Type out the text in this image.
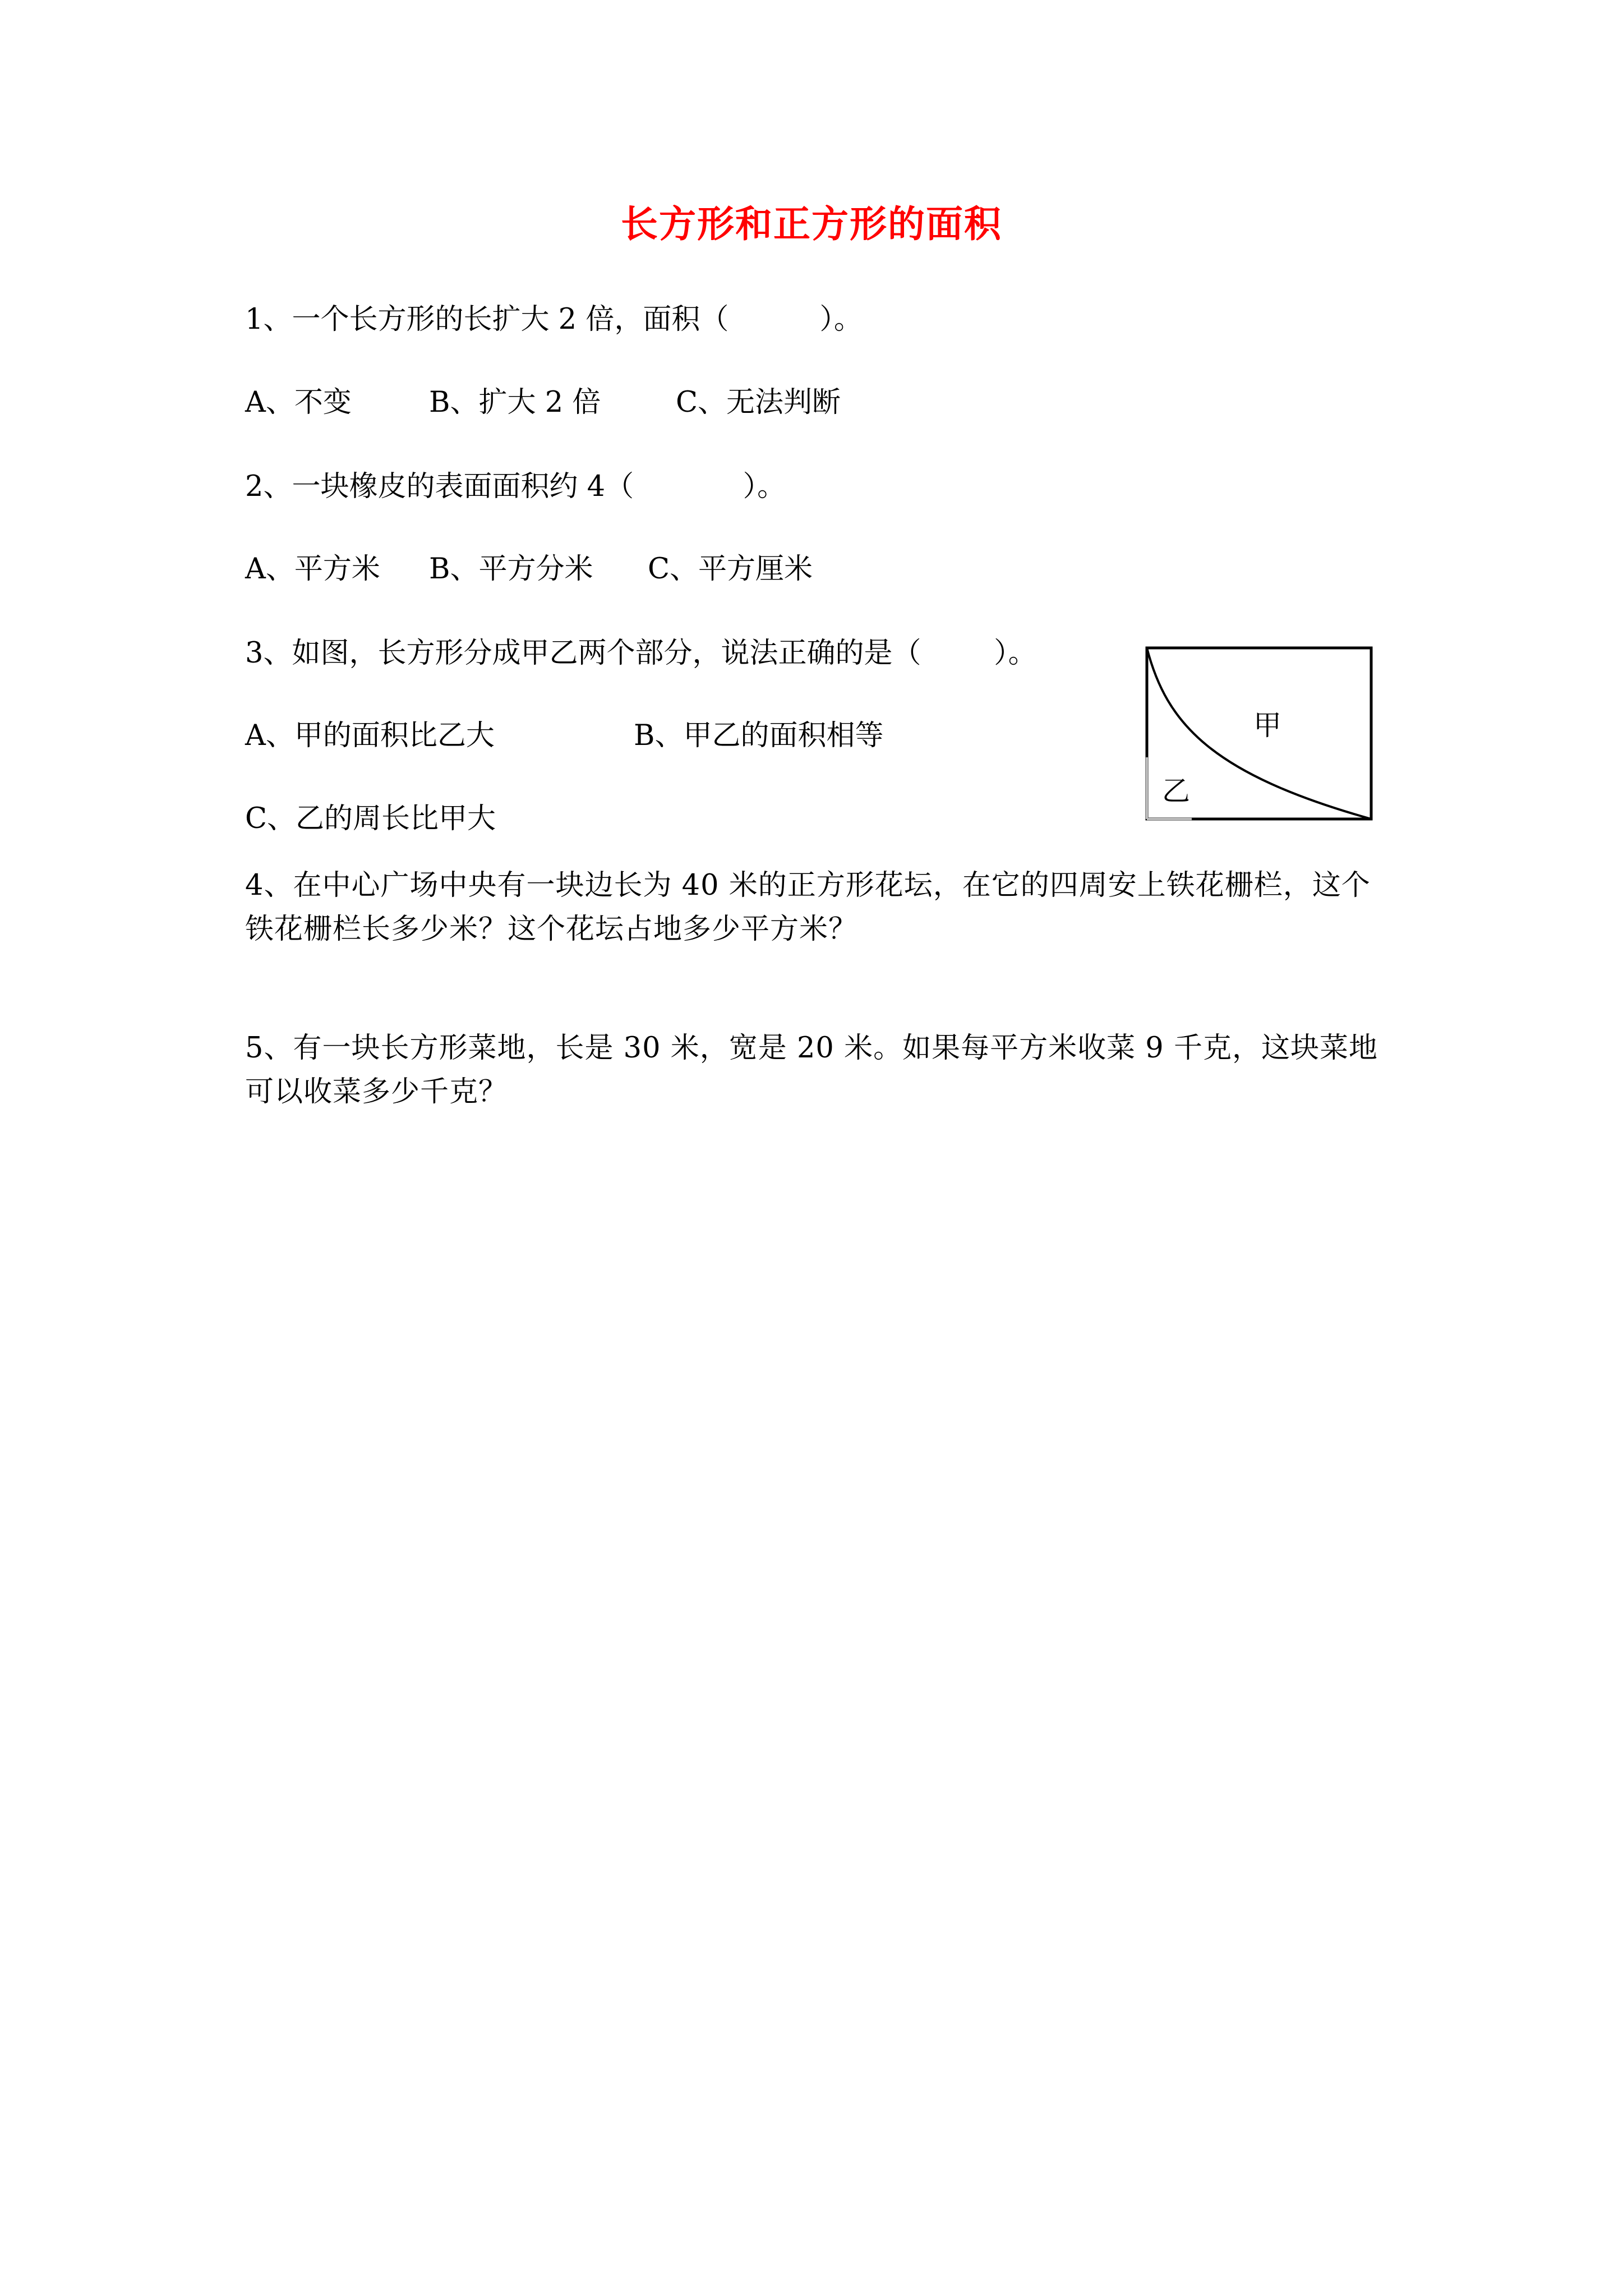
长方形和正方形的面积
1、一个长方形的长扩大 2 倍，面积（          ）。
A、不变	B、扩大 2 倍	C、无法判断
2、一块橡皮的表面面积约 4（            ）。
A、平方米 B、平方分米 C、平方厘米
3、如图，长方形分成甲乙两个部分，说法正确的是（        ）。
A、甲的面积比乙大	B、甲乙的面积相等
C、乙的周长比甲大
甲
乙
4、在中心广场中央有一块边长为 40 米的正方形花坛，在它的四周安上铁花栅栏，这个铁花栅栏长多少米？这个花坛占地多少平方米？
5、有一块长方形菜地，长是 30 米，宽是 20 米。如果每平方米收菜 9 千克，这块菜地可以收菜多少千克？
